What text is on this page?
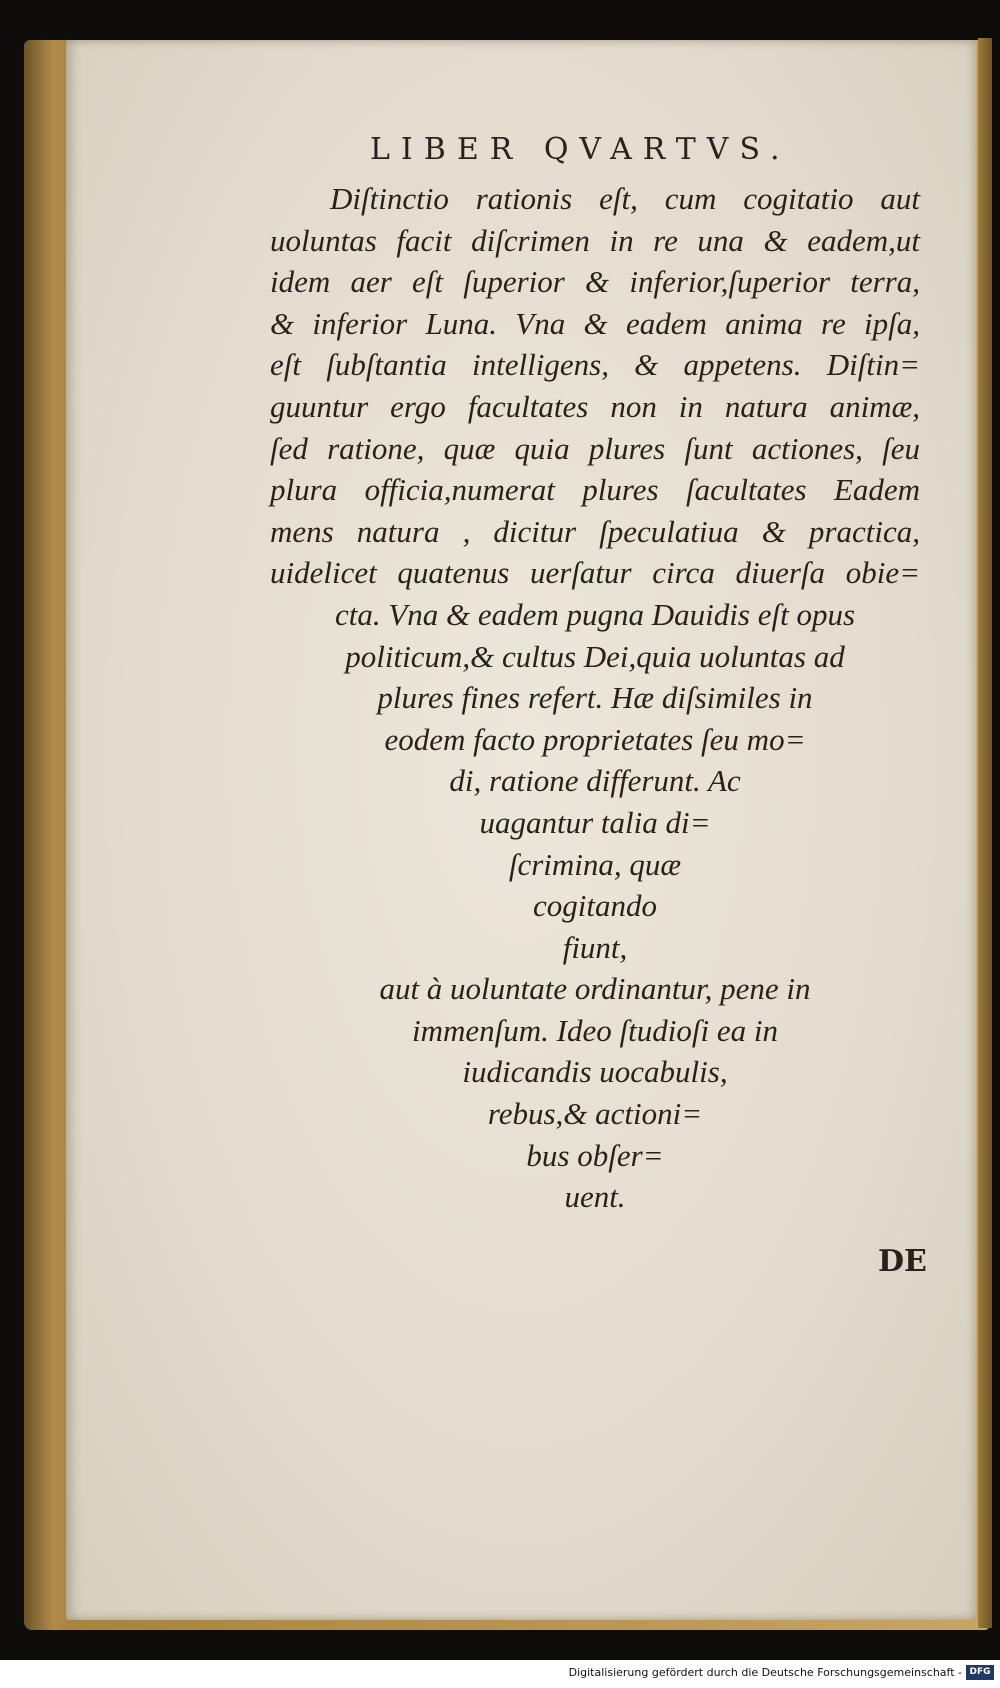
LIBER QVARTVS.
Diſtinctio rationis eſt, cum cogitatio aut
uoluntas facit diſcrimen in re una & eadem,ut
idem aer eſt ſuperior & inferior,ſuperior terra,
& inferior Luna. Vna & eadem anima re ipſa,
eſt ſubſtantia intelligens, & appetens. Diſtin=
guuntur ergo facultates non in natura animæ,
ſed ratione, quæ quia plures ſunt actiones, ſeu
plura officia,numerat plures ſacultates Eadem
mens natura , dicitur ſpeculatiua & practica,
uidelicet quatenus uerſatur circa diuerſa obie=
cta. Vna & eadem pugna Dauidis eſt opus
politicum,& cultus Dei,quia uoluntas ad
plures fines refert. Hæ diſsimiles in
eodem facto proprietates ſeu mo=
di, ratione differunt. Ac
uagantur talia di=
ſcrimina, quæ
cogitando
fiunt,
aut à uoluntate ordinantur, pene in
immenſum. Ideo ſtudioſi ea in
iudicandis uocabulis,
rebus,& actioni=
bus obſer=
uent.
DE
Digitalisierung gefördert durch die Deutsche Forschungsgemeinschaft - DFG
